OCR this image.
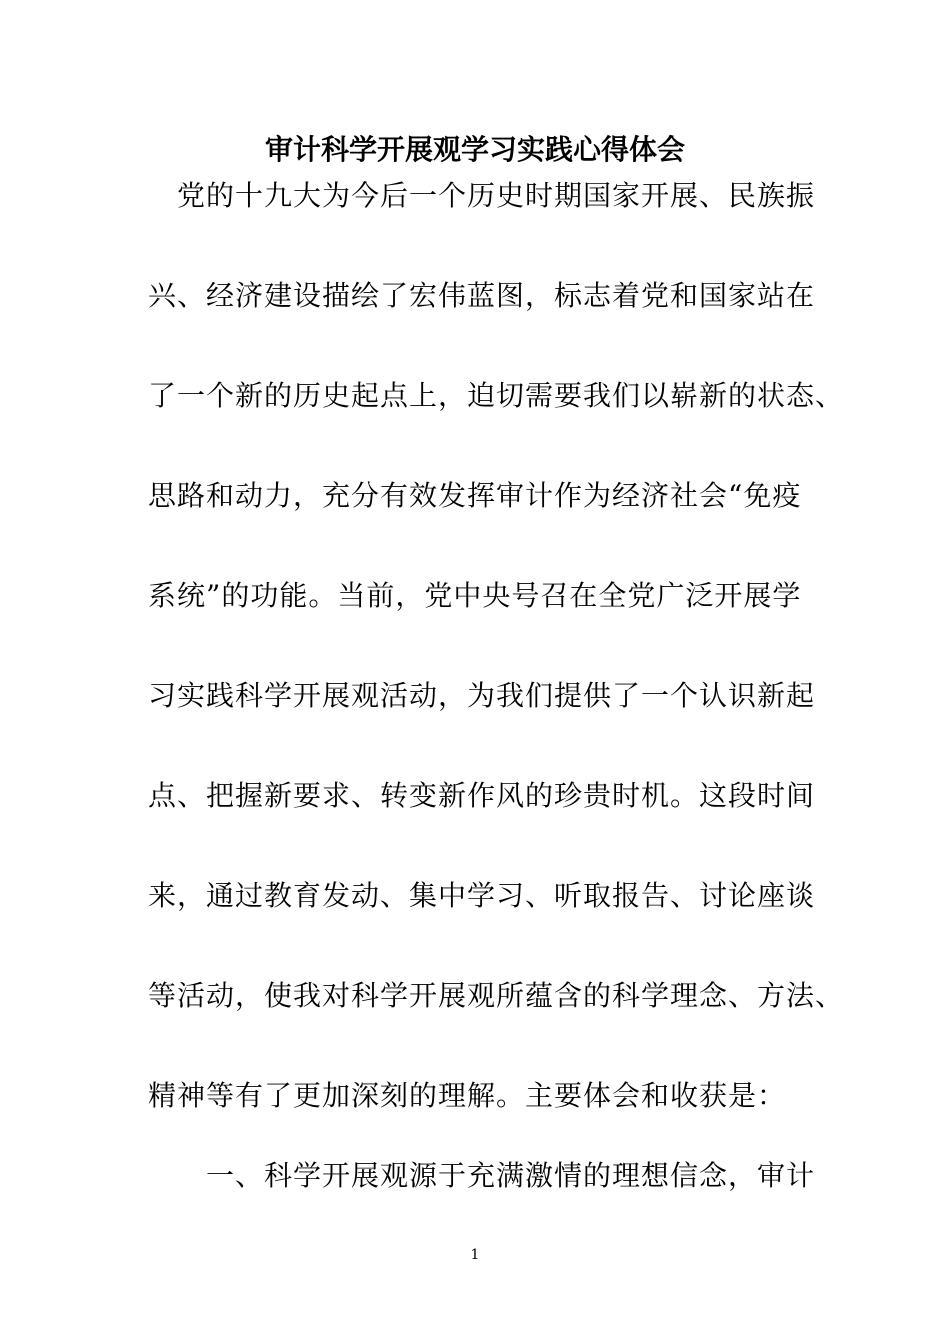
审计科学开展观学习实践心得体会

　党的十九大为今后一个历史时期国家开展、民族振

兴、经济建设描绘了宏伟蓝图，标志着党和国家站在

了一个新的历史起点上，迫切需要我们以崭新的状态、

思路和动力，充分有效发挥审计作为经济社会“免疫

系统”的功能。当前，党中央号召在全党广泛开展学

习实践科学开展观活动，为我们提供了一个认识新起

点、把握新要求、转变新作风的珍贵时机。这段时间

来，通过教育发动、集中学习、听取报告、讨论座谈

等活动，使我对科学开展观所蕴含的科学理念、方法、

精神等有了更加深刻的理解。主要体会和收获是：

　　一、科学开展观源于充满激情的理想信念，审计

1
